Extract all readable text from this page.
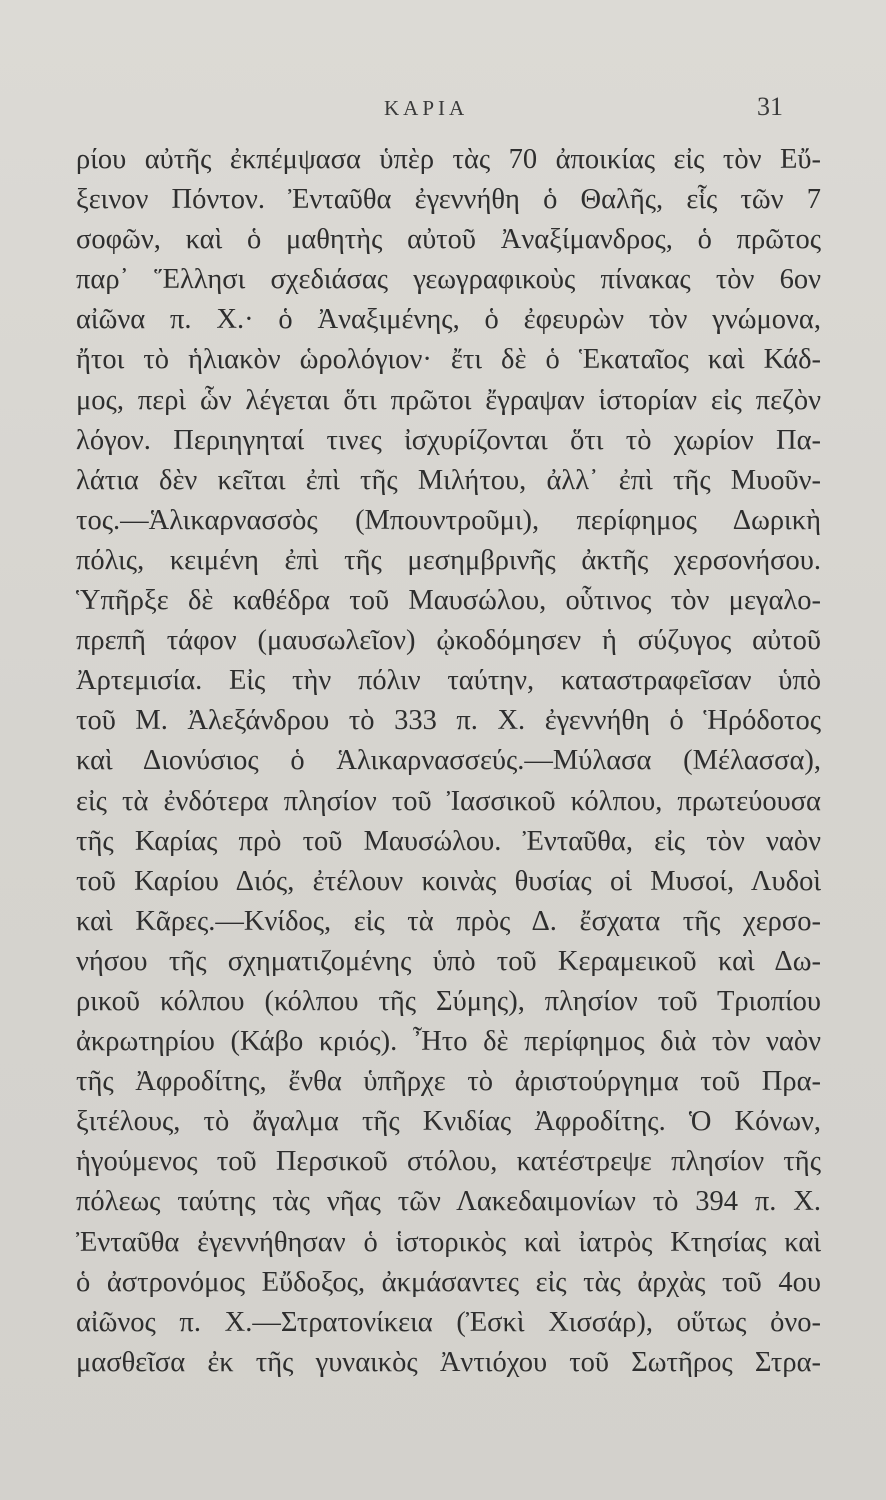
ΚΑΡΙΑ	31
ρίου αὐτῆς ἐκπέμψασα ὑπὲρ τὰς 70 ἀποικίας εἰς τὸν Εὔ-
ξεινον Πόντον. Ἐνταῦθα ἐγεννήθη ὁ Θαλῆς, εἷς τῶν 7
σοφῶν, καὶ ὁ μαθητὴς αὐτοῦ Ἀναξίμανδρος, ὁ πρῶτος
παρ᾽ Ἕλλησι σχεδιάσας γεωγραφικοὺς πίνακας τὸν 6ον
αἰῶνα π. Χ.· ὁ Ἀναξιμένης, ὁ ἐφευρὼν τὸν γνώμονα,
ἤτοι τὸ ἡλιακὸν ὡρολόγιον· ἔτι δὲ ὁ Ἑκαταῖος καὶ Κάδ-
μος, περὶ ὧν λέγεται ὅτι πρῶτοι ἔγραψαν ἱστορίαν εἰς πεζὸν
λόγον. Περιηγηταί τινες ἰσχυρίζονται ὅτι τὸ χωρίον Πα-
λάτια δὲν κεῖται ἐπὶ τῆς Μιλήτου, ἀλλ᾽ ἐπὶ τῆς Μυοῦν-
τος.—Ἁλικαρνασσὸς (Μπουντροῦμι), περίφημος Δωρικὴ
πόλις, κειμένη ἐπὶ τῆς μεσημβρινῆς ἀκτῆς χερσονήσου.
Ὑπῆρξε δὲ καθέδρα τοῦ Μαυσώλου, οὗτινος τὸν μεγαλο-
πρεπῆ τάφον (μαυσωλεῖον) ᾠκοδόμησεν ἡ σύζυγος αὐτοῦ
Ἀρτεμισία. Εἰς τὴν πόλιν ταύτην, καταστραφεῖσαν ὑπὸ
τοῦ Μ. Ἀλεξάνδρου τὸ 333 π. Χ. ἐγεννήθη ὁ Ἡρόδοτος
καὶ Διονύσιος ὁ Ἁλικαρνασσεύς.—Μύλασα (Μέλασσα),
εἰς τὰ ἐνδότερα πλησίον τοῦ Ἰασσικοῦ κόλπου, πρωτεύουσα
τῆς Καρίας πρὸ τοῦ Μαυσώλου. Ἐνταῦθα, εἰς τὸν ναὸν
τοῦ Καρίου Διός, ἐτέλουν κοινὰς θυσίας οἱ Μυσοί, Λυδοὶ
καὶ Κᾶρες.—Κνίδος, εἰς τὰ πρὸς Δ. ἔσχατα τῆς χερσο-
νήσου τῆς σχηματιζομένης ὑπὸ τοῦ Κεραμεικοῦ καὶ Δω-
ρικοῦ κόλπου (κόλπου τῆς Σύμης), πλησίον τοῦ Τριοπίου
ἀκρωτηρίου (Κάβο κριός). Ἦτο δὲ περίφημος διὰ τὸν ναὸν
τῆς Ἀφροδίτης, ἔνθα ὑπῆρχε τὸ ἀριστούργημα τοῦ Πρα-
ξιτέλους, τὸ ἄγαλμα τῆς Κνιδίας Ἀφροδίτης. Ὁ Κόνων,
ἡγούμενος τοῦ Περσικοῦ στόλου, κατέστρεψε πλησίον τῆς
πόλεως ταύτης τὰς νῆας τῶν Λακεδαιμονίων τὸ 394 π. Χ.
Ἐνταῦθα ἐγεννήθησαν ὁ ἱστορικὸς καὶ ἰατρὸς Κτησίας καὶ
ὁ ἀστρονόμος Εὔδοξος, ἀκμάσαντες εἰς τὰς ἀρχὰς τοῦ 4ου
αἰῶνος π. Χ.—Στρατονίκεια (Ἐσκὶ Χισσάρ), οὕτως ὀνο-
μασθεῖσα ἐκ τῆς γυναικὸς Ἀντιόχου τοῦ Σωτῆρος Στρα-
